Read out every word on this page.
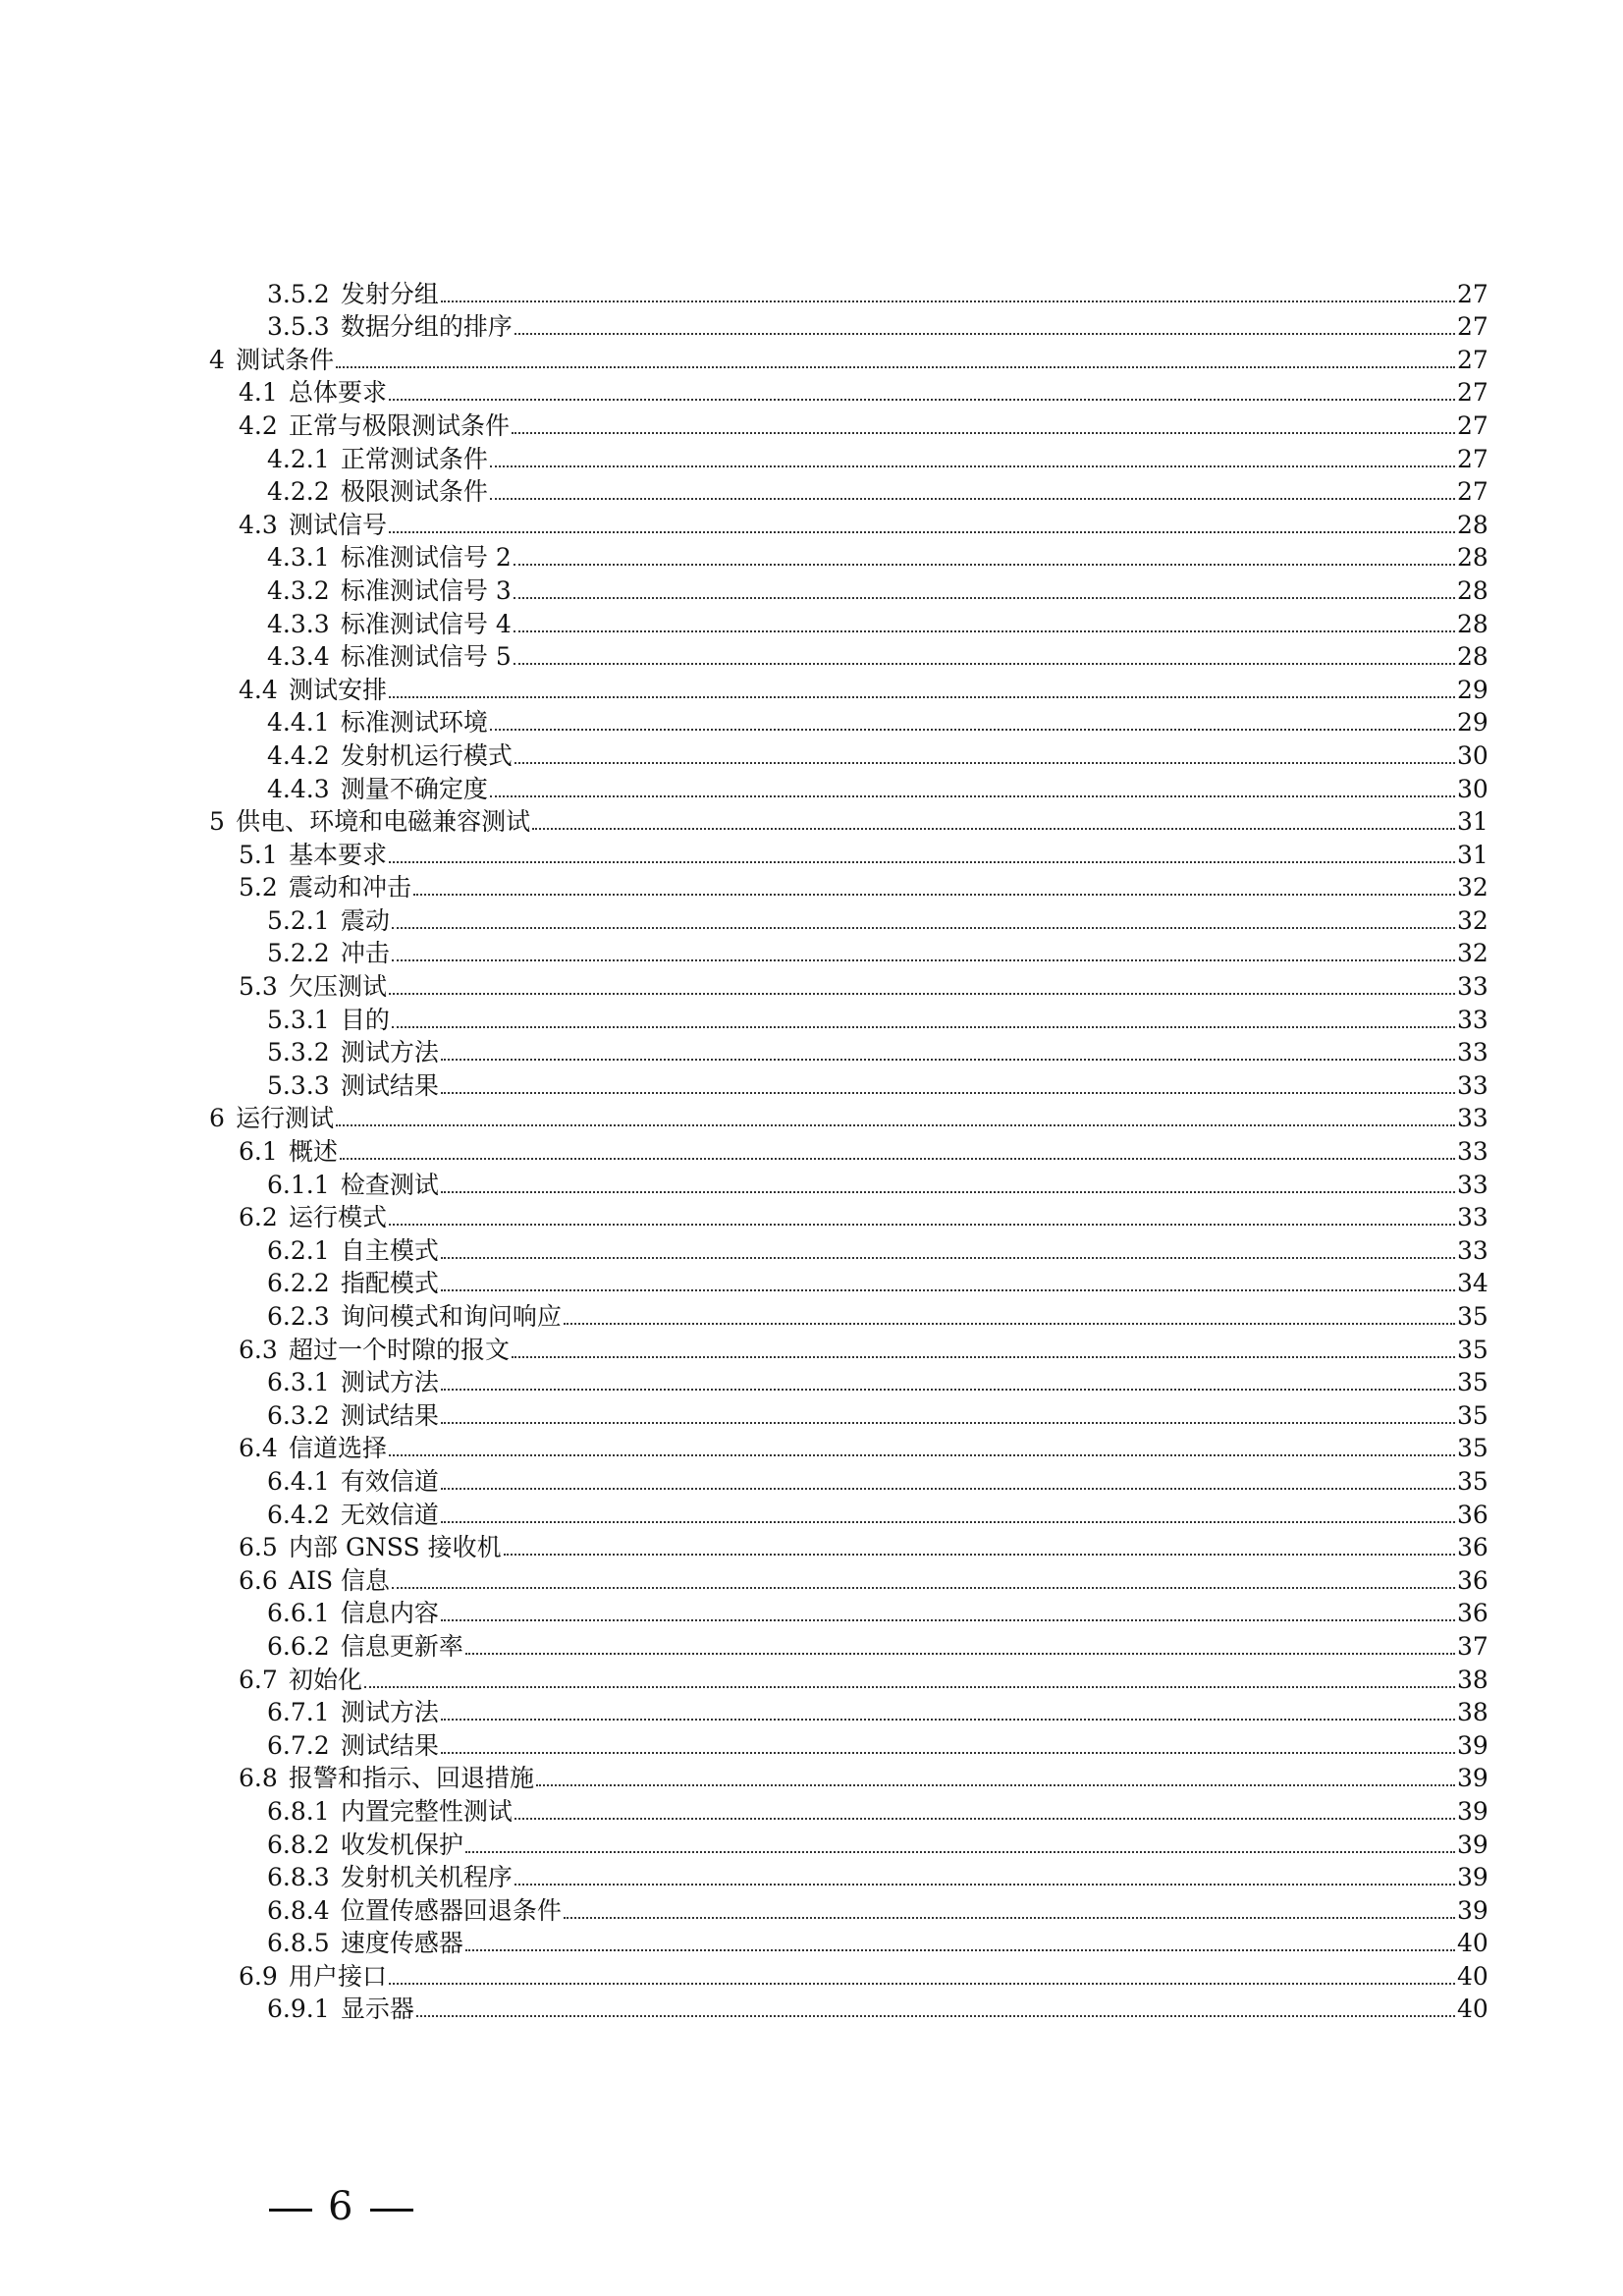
3.5.2 发射分组	27
3.5.3 数据分组的排序	27
4 测试条件	27
4.1 总体要求	27
4.2 正常与极限测试条件	27
4.2.1 正常测试条件	27
4.2.2 极限测试条件	27
4.3 测试信号	28
4.3.1 标准测试信号 2	28
4.3.2 标准测试信号 3	28
4.3.3 标准测试信号 4	28
4.3.4 标准测试信号 5	28
4.4 测试安排	29
4.4.1 标准测试环境	29
4.4.2 发射机运行模式	30
4.4.3 测量不确定度	30
5 供电、环境和电磁兼容测试	31
5.1 基本要求	31
5.2 震动和冲击	32
5.2.1 震动	32
5.2.2 冲击	32
5.3 欠压测试	33
5.3.1 目的	33
5.3.2 测试方法	33
5.3.3 测试结果	33
6 运行测试	33
6.1 概述	33
6.1.1 检查测试	33
6.2 运行模式	33
6.2.1 自主模式	33
6.2.2 指配模式	34
6.2.3 询问模式和询问响应	35
6.3 超过一个时隙的报文	35
6.3.1 测试方法	35
6.3.2 测试结果	35
6.4 信道选择	35
6.4.1 有效信道	35
6.4.2 无效信道	36
6.5 内部 GNSS 接收机	36
6.6 AIS 信息	36
6.6.1 信息内容	36
6.6.2 信息更新率	37
6.7 初始化	38
6.7.1 测试方法	38
6.7.2 测试结果	39
6.8 报警和指示、回退措施	39
6.8.1 内置完整性测试	39
6.8.2 收发机保护	39
6.8.3 发射机关机程序	39
6.8.4 位置传感器回退条件	39
6.8.5 速度传感器	40
6.9 用户接口	40
6.9.1 显示器	40
6
